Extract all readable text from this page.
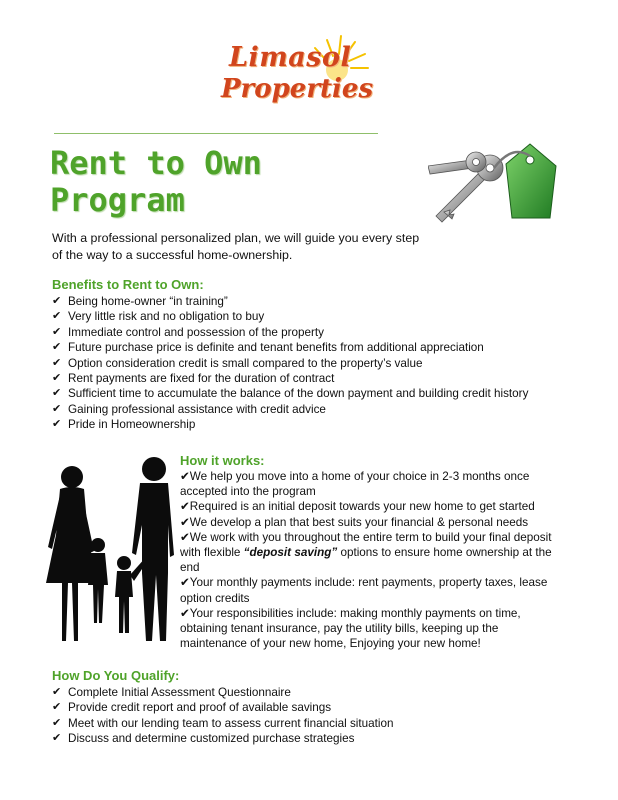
Limasol
Properties
Rent to Own
Program

With a professional personalized plan, we will guide you every step of the way to a successful home-ownership.

Benefits to Rent to Own:
✔ Being home-owner “in training”
✔ Very little risk and no obligation to buy
✔ Immediate control and possession of the property
✔ Future purchase price is definite and tenant benefits from additional appreciation
✔ Option consideration credit is small compared to the property’s value
✔ Rent payments are fixed for the duration of contract
✔ Sufficient time to accumulate the balance of the down payment and building credit history
✔ Gaining professional assistance with credit advice
✔ Pride in Homeownership
How it works:
✔We help you move into a home of your choice in 2-3 months once accepted into the program
✔Required is an initial deposit towards your new home to get started
✔We develop a plan that best suits your financial & personal needs
✔We work with you throughout the entire term to build your final deposit with flexible “deposit saving” options to ensure home ownership at the end
✔Your monthly payments include: rent payments, property taxes, lease option credits
✔Your responsibilities include: making monthly payments on time, obtaining tenant insurance, pay the utility bills, keeping up the maintenance of your new home, Enjoying your new home!
How Do You Qualify:
✔ Complete Initial Assessment Questionnaire
✔ Provide credit report and proof of available savings
✔ Meet with our lending team to assess current financial situation
✔ Discuss and determine customized purchase strategies
